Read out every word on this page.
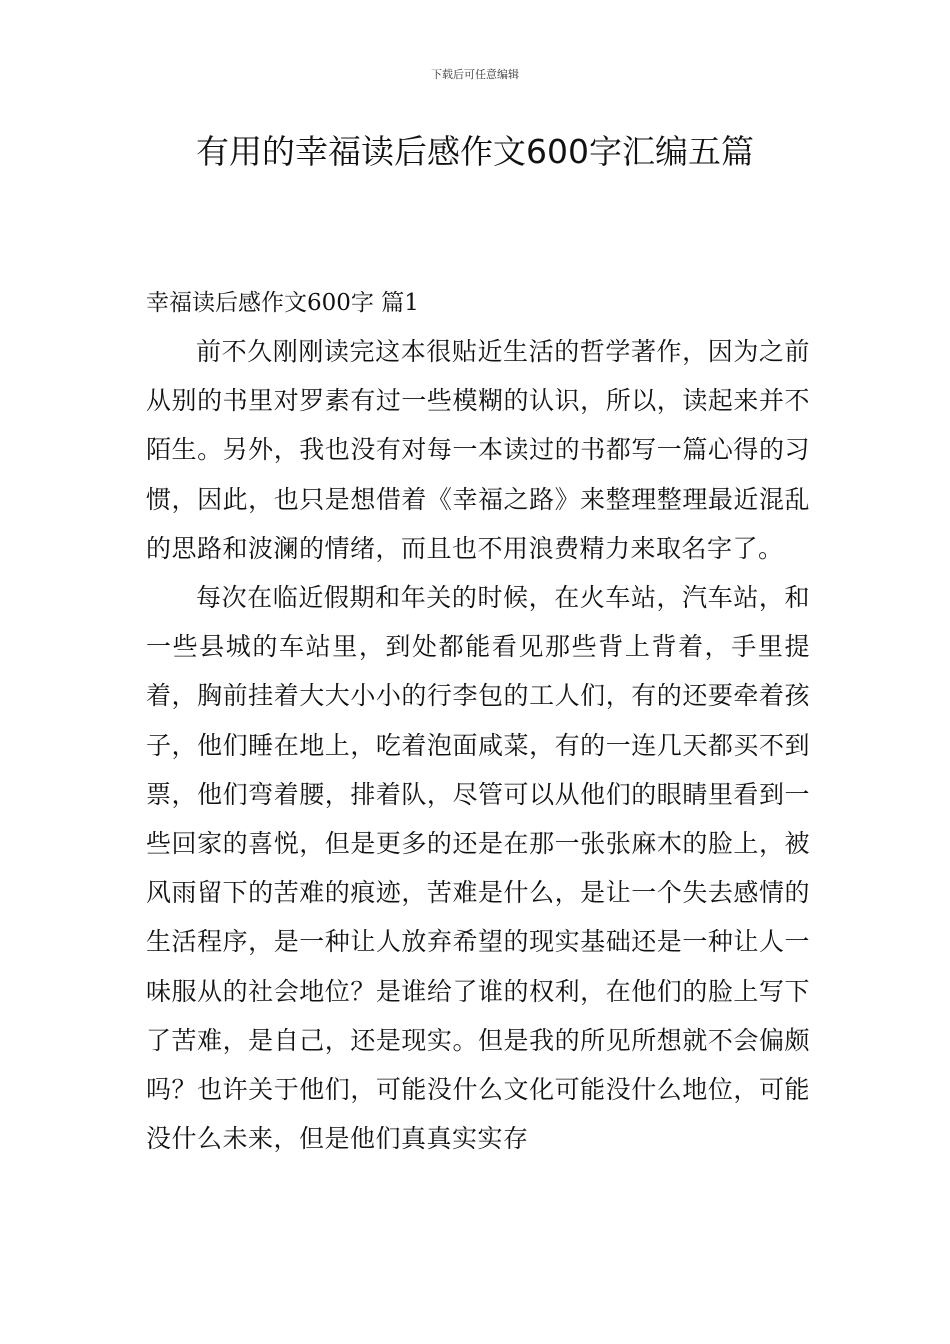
下载后可任意编辑
有用的幸福读后感作文600字汇编五篇
幸福读后感作文600字 篇1

前不久刚刚读完这本很贴近生活的哲学著作，因为之前从别的书里对罗素有过一些模糊的认识，所以，读起来并不陌生。另外，我也没有对每一本读过的书都写一篇心得的习惯，因此，也只是想借着《幸福之路》来整理整理最近混乱的思路和波澜的情绪，而且也不用浪费精力来取名字了。

每次在临近假期和年关的时候，在火车站，汽车站，和一些县城的车站里，到处都能看见那些背上背着，手里提着，胸前挂着大大小小的行李包的工人们，有的还要牵着孩子，他们睡在地上，吃着泡面咸菜，有的一连几天都买不到票，他们弯着腰，排着队，尽管可以从他们的眼睛里看到一些回家的喜悦，但是更多的还是在那一张张麻木的脸上，被风雨留下的苦难的痕迹，苦难是什么，是让一个失去感情的生活程序，是一种让人放弃希望的现实基础还是一种让人一味服从的社会地位？是谁给了谁的权利，在他们的脸上写下了苦难，是自己，还是现实。但是我的所见所想就不会偏颇吗？也许关于他们，可能没什么文化可能没什么地位，可能没什么未来，但是他们真真实实存
